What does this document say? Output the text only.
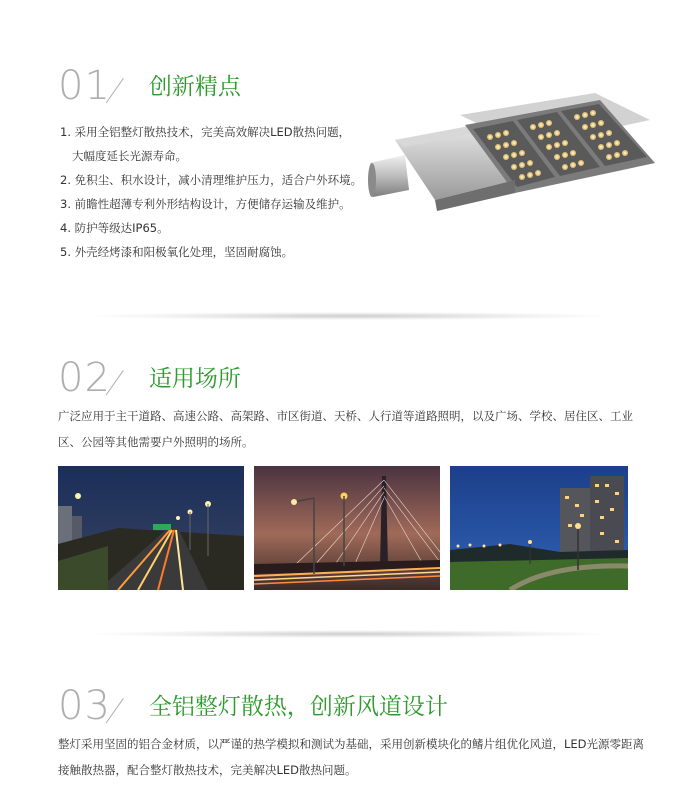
01 创新精点
1. 采用全铝整灯散热技术，完美高效解决LED散热问题，
大幅度延长光源寿命。
2. 免积尘、积水设计，减小清理维护压力，适合户外环境。
3. 前瞻性超薄专利外形结构设计，方便储存运输及维护。
4. 防护等级达IP65。
5. 外壳经烤漆和阳极氧化处理，坚固耐腐蚀。
02 适用场所

广泛应用于主干道路、高速公路、高架路、市区街道、天桥、人行道等道路照明，以及广场、学校、居住区、工业区、公园等其他需要户外照明的场所。

03 全铝整灯散热，创新风道设计

整灯采用坚固的铝合金材质，以严谨的热学模拟和测试为基础，采用创新模块化的鳍片组优化风道，LED光源零距离接触散热器，配合整灯散热技术，完美解决LED散热问题。
